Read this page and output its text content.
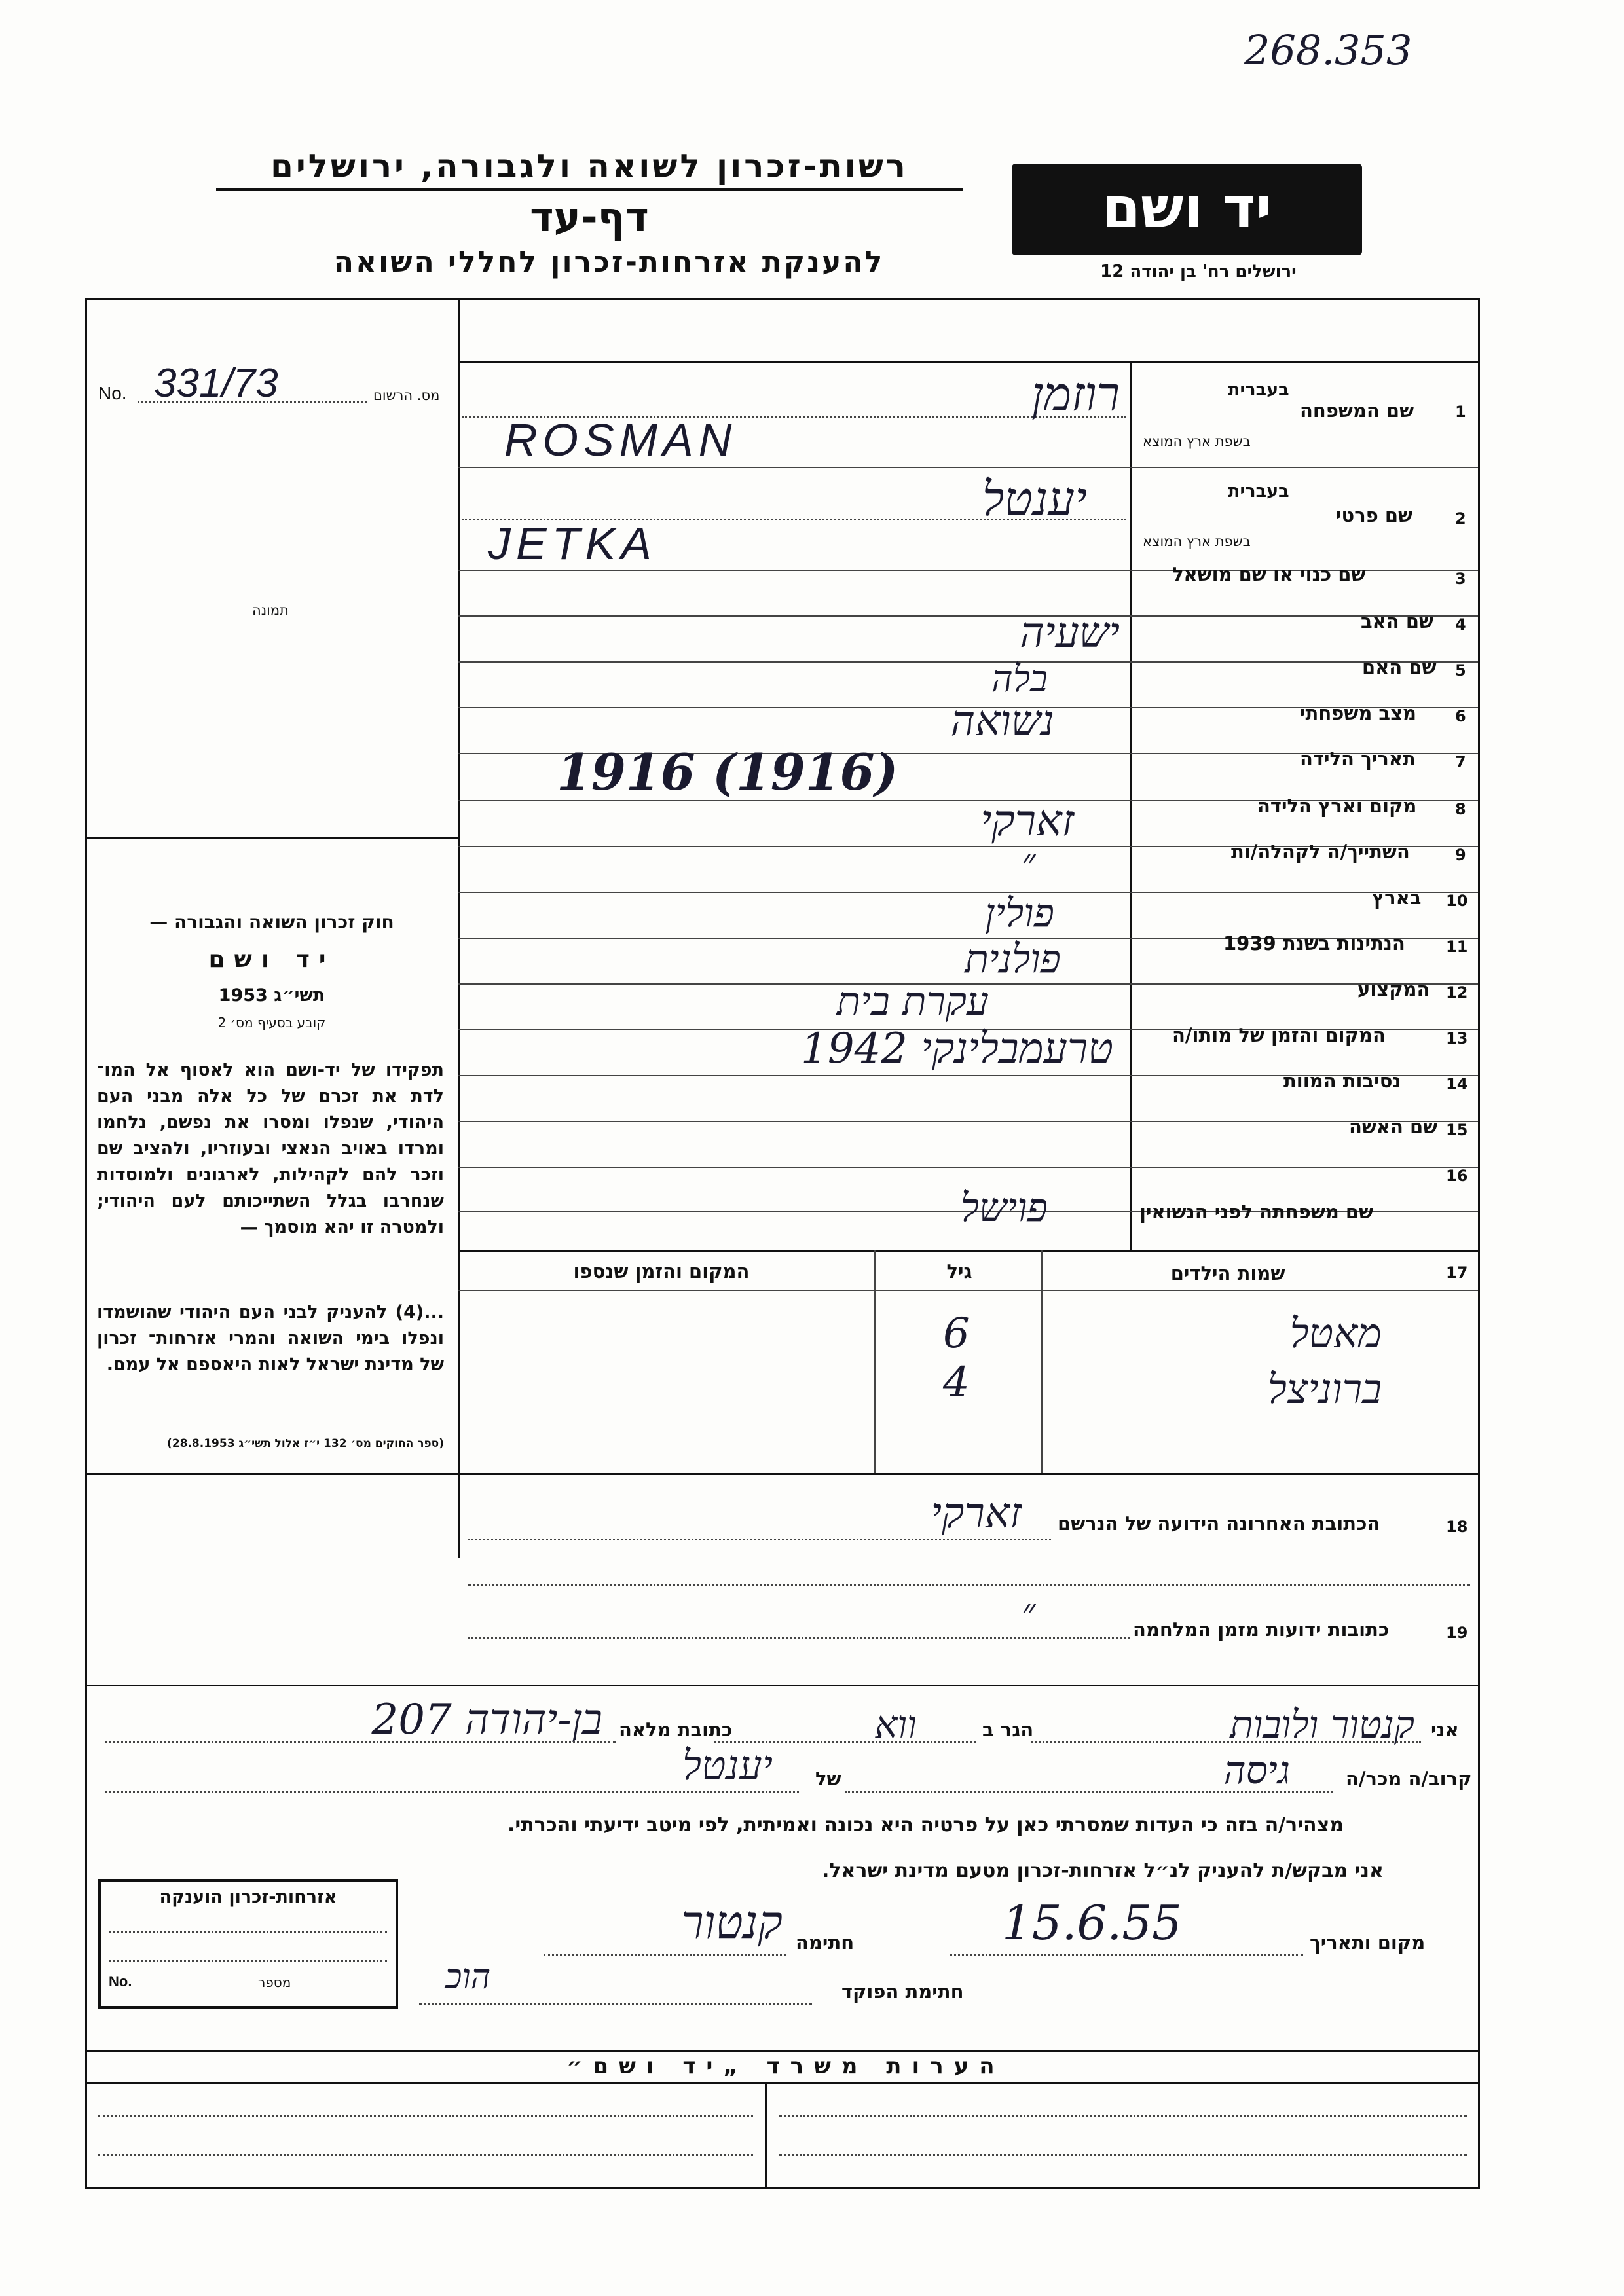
268.353
רשות-זכרון לשואה ולגבורה, ירושלים
דף-עד
להענקת אזרחות-זכרון לחללי השואה
יד ושם
ירושלים רח' בן יהודה 12
No. 331/73	מס. הרשום
תמונה
1
שם המשפחה
בעברית
בשפת ארץ המוצא
רוזמן
ROSMAN
2
שם פרטי
בעברית
בשפת ארץ המוצא
יענטל
JETKA
3
שם כנוי או שם מושאל
4
שם האב
ישעיה
5
שם האם
בלה
6
מצב משפחתי
נשואה
7
תאריך הלידה
1916 (1916)
8
מקום וארץ הלידה
זארקי
9
השתייך/ה לקהלה/ות
״
10
בארץ
פולין
11
הנתינות בשנת 1939
פולנית
12
המקצוע
עקרת בית
13
המקום והזמן של מותו/ה
טרעמבלינקי 1942
14
נסיבות המוות
15
שם האשה
16
שם משפחתה לפני הנשואין
פוישל
17
שמות הילדים
גיל
המקום והזמן שנספו
מאטל
6
ברוניצל
4
חוק זכרון השואה והגבורה —
יד ושם
תשי״ג 1953
קובע בסעיף מס׳ 2
תפקידו של יד-ושם הוא לאסוף אל המו־ לדת את זכרם של כל אלה מבני העם היהודי, שנפלו ומסרו את נפשם, נלחמו ומרדו באויב הנאצי ובעוזריו, ולהציב שם וזכר להם לקהילות, לארגונים ולמוסדות שנחרבו בגלל השתייכותם לעם היהודי; ולמטרה זו יהא מוסמך —
...(4) להעניק לבני העם היהודי שהושמדו ונפלו בימי השואה והמרי אזרחות־ זכרון של מדינת ישראל לאות היאספם אל עמם.
(ספר החוקים מס׳ 132 י״ז אלול תשי״ג 28.8.1953)
18
הכתובת האחרונה הידועה של הנרשם
זארקי
19
כתובות ידועות מזמן המלחמה
״
אני
קנטור ולובות
הגר ב
ווא
כתובת מלאה
בן-יהודה 207
קרוב/ה מכר/ה
גיסה
של
יענטל
מצהיר/ה בזה כי העדות שמסרתי כאן על פרטיה היא נכונה ואמיתית, לפי מיטב ידיעתי והכרתי.
אני מבקש/ת להעניק לנ״ל אזרחות-זכרון מטעם מדינת ישראל.
אזרחות-זכרון הוענקה
No.	מספר
מקום ותאריך
15.6.55
חתימה
קנטור
חתימת הפוקד
הוכ
הערות משרד „יד ושם״
